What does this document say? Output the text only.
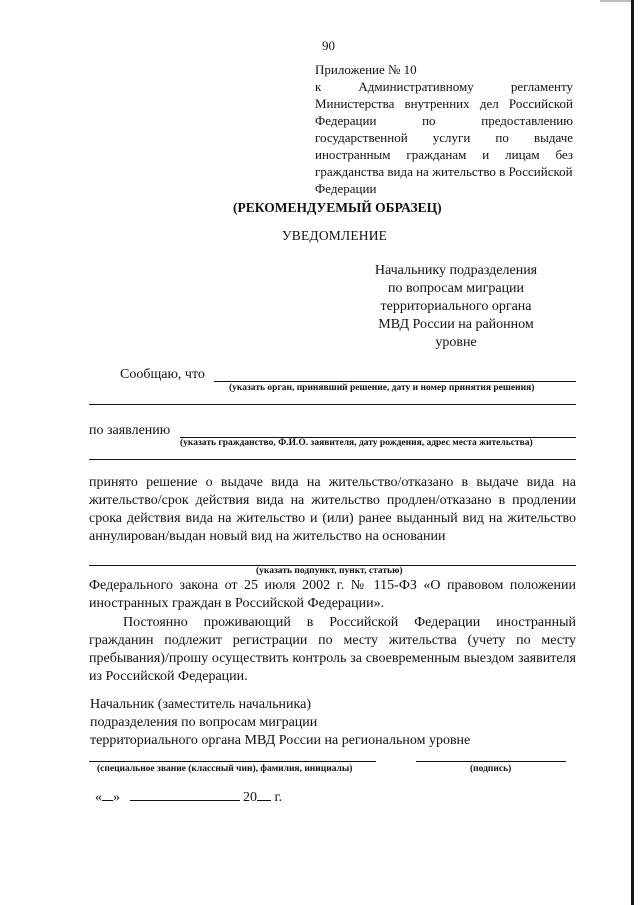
90
Приложение № 10
к	Административному	регламенту
Министерства внутренних дел Российской
Федерации	по	предоставлению
государственной услуги по выдаче
иностранным гражданам и лицам без
гражданства вида на жительство в Российской
Федерации
(РЕКОМЕНДУЕМЫЙ ОБРАЗЕЦ)
УВЕДОМЛЕНИЕ
Начальнику подразделения
по вопросам миграции
территориального органа
МВД России на районном
уровне
Сообщаю, что
(указать орган, принявший решение, дату и номер принятия решения)
по заявлению
(указать гражданство, Ф.И.О. заявителя, дату рождения, адрес места жительства)
принято решение о выдаче вида на жительство/отказано в выдаче вида на жительство/срок действия вида на жительство продлен/отказано в продлении срока действия вида на жительство и (или) ранее выданный вид на жительство аннулирован/выдан новый вид на жительство на основании
(указать подпункт, пункт, статью)
Федерального закона от 25 июля 2002 г. № 115-ФЗ «О правовом положении иностранных граждан в Российской Федерации».
Постоянно проживающий в Российской Федерации иностранный гражданин подлежит регистрации по месту жительства (учету по месту пребывания)/прошу осуществить контроль за своевременным выездом заявителя из Российской Федерации.
Начальник (заместитель начальника)
подразделения по вопросам миграции
территориального органа МВД России на региональном уровне
(специальное звание (классный чин), фамилия, инициалы)	(подпись)
« »	20 г.
